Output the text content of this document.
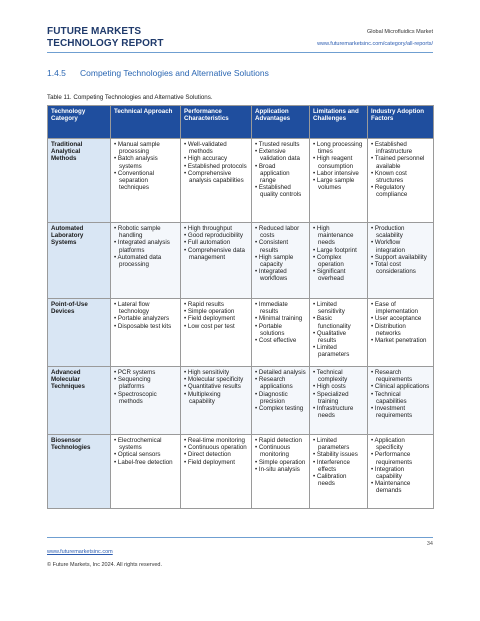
FUTURE MARKETS
TECHNOLOGY REPORT
Global Microfluidics Market
www.futuremarketsinc.com/category/all-reports/
1.4.5 Competing Technologies and Alternative Solutions
Table 11. Competing Technologies and Alternative Solutions.
Technology Category	Technical Approach	Performance Characteristics	Application Advantages	Limitations and Challenges	Industry Adoption Factors
Traditional Analytical Methods	• Manual sample processing
• Batch analysis systems
• Conventional separation techniques	• Well-validated methods
• High accuracy
• Established protocols
• Comprehensive analysis capabilities	• Trusted results
• Extensive validation data
• Broad application range
• Established quality controls	• Long processing times
• High reagent consumption
• Labor intensive
• Large sample volumes	• Established infrastructure
• Trained personnel available
• Known cost structures
• Regulatory compliance

Automated Laboratory Systems	• Robotic sample handling
• Integrated analysis platforms
• Automated data processing	• High throughput
• Good reproducibility
• Full automation
• Comprehensive data management	• Reduced labor costs
• Consistent results
• High sample capacity
• Integrated workflows	• High maintenance needs
• Large footprint
• Complex operation
• Significant overhead	• Production scalability
• Workflow integration
• Support availability
• Total cost considerations

Point-of-Use Devices	• Lateral flow technology
• Portable analyzers
• Disposable test kits	• Rapid results
• Simple operation
• Field deployment
• Low cost per test	• Immediate results
• Minimal training
• Portable solutions
• Cost effective	• Limited sensitivity
• Basic functionality
• Qualitative results
• Limited parameters	• Ease of implementation
• User acceptance
• Distribution networks
• Market penetration

Advanced Molecular Techniques	• PCR systems
• Sequencing platforms
• Spectroscopic methods	• High sensitivity
• Molecular specificity
• Quantitative results
• Multiplexing capability	• Detailed analysis
• Research applications
• Diagnostic precision
• Complex testing	• Technical complexity
• High costs
• Specialized training
• Infrastructure needs	• Research requirements
• Clinical applications
• Technical capabilities
• Investment requirements

Biosensor Technologies	• Electrochemical systems
• Optical sensors
• Label-free detection	• Real-time monitoring
• Continuous operation
• Direct detection
• Field deployment	• Rapid detection
• Continuous monitoring
• Simple operation
• In-situ analysis	• Limited parameters
• Stability issues
• Interference effects
• Calibration needs	• Application specificity
• Performance requirements
• Integration capability
• Maintenance demands
34
www.futuremarketsinc.com
© Future Markets, Inc 2024. All rights reserved.
